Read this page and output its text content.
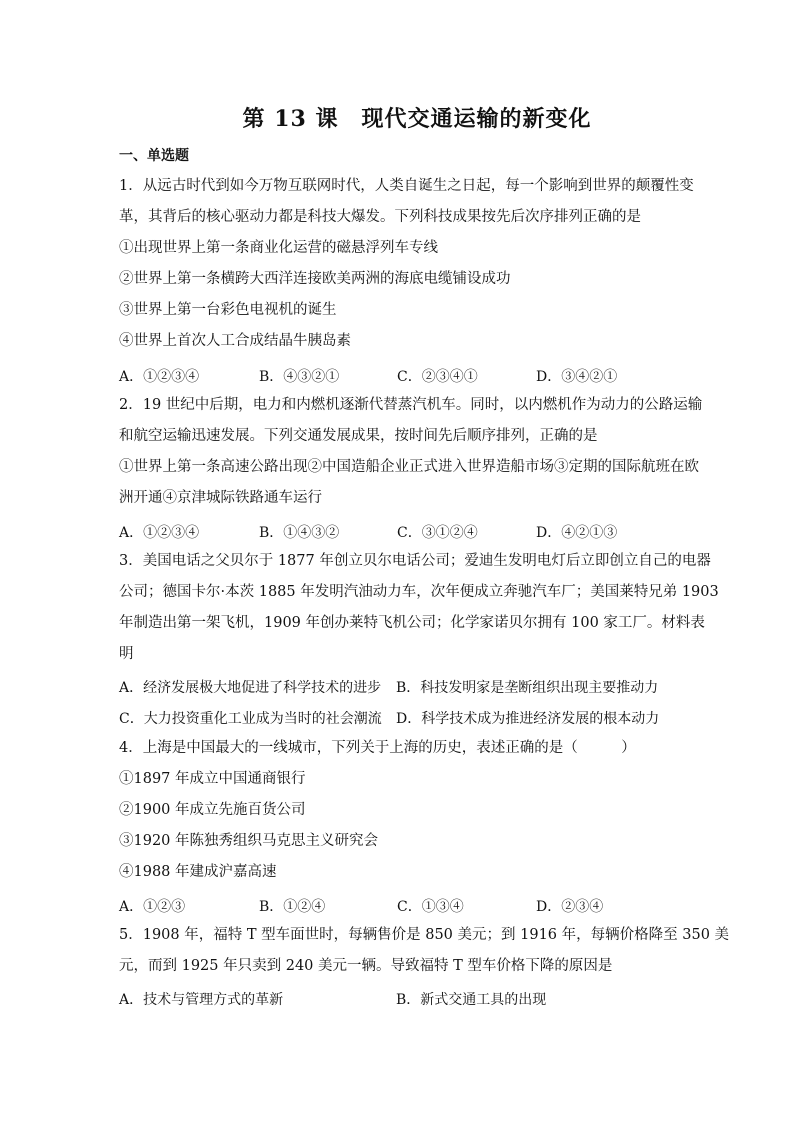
第 13 课　现代交通运输的新变化
一、单选题
1．从远古时代到如今万物互联网时代，人类自诞生之日起，每一个影响到世界的颠覆性变
革，其背后的核心驱动力都是科技大爆发。下列科技成果按先后次序排列正确的是
①出现世界上第一条商业化运营的磁悬浮列车专线
②世界上第一条横跨大西洋连接欧美两洲的海底电缆铺设成功
③世界上第一台彩色电视机的诞生
④世界上首次人工合成结晶牛胰岛素
A．①②③④	B．④③②①	C．②③④①	D．③④②①
2．19 世纪中后期，电力和内燃机逐渐代替蒸汽机车。同时，以内燃机作为动力的公路运输
和航空运输迅速发展。下列交通发展成果，按时间先后顺序排列，正确的是
①世界上第一条高速公路出现②中国造船企业正式进入世界造船市场③定期的国际航班在欧
洲开通④京津城际铁路通车运行
A．①②③④	B．①④③②	C．③①②④	D．④②①③
3．美国电话之父贝尔于 1877 年创立贝尔电话公司；爱迪生发明电灯后立即创立自己的电器
公司；德国卡尔·本茨 1885 年发明汽油动力车，次年便成立奔驰汽车厂；美国莱特兄弟 1903
年制造出第一架飞机，1909 年创办莱特飞机公司；化学家诺贝尔拥有 100 家工厂。材料表
明
A．经济发展极大地促进了科学技术的进步 B．科技发明家是垄断组织出现主要推动力
C．大力投资重化工业成为当时的社会潮流 D．科学技术成为推进经济发展的根本动力
4．上海是中国最大的一线城市，下列关于上海的历史，表述正确的是（　　　）
①1897 年成立中国通商银行
②1900 年成立先施百货公司
③1920 年陈独秀组织马克思主义研究会
④1988 年建成沪嘉高速
A．①②③	B．①②④	C．①③④	D．②③④
5．1908 年，福特 T 型车面世时，每辆售价是 850 美元；到 1916 年，每辆价格降至 350 美
元，而到 1925 年只卖到 240 美元一辆。导致福特 T 型车价格下降的原因是
A．技术与管理方式的革新	B．新式交通工具的出现
